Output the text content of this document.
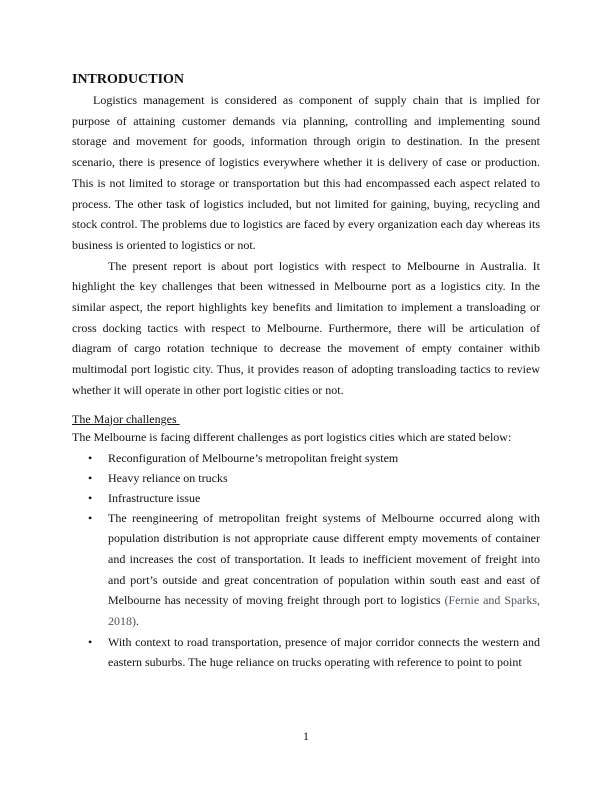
INTRODUCTION

Logistics management is considered as component of supply chain that is implied for purpose of attaining customer demands via planning, controlling and implementing sound storage and movement for goods, information through origin to destination. In the present scenario, there is presence of logistics everywhere whether it is delivery of case or production. This is not limited to storage or transportation but this had encompassed each aspect related to process. The other task of logistics included, but not limited for gaining, buying, recycling and stock control. The problems due to logistics are faced by every organization each day whereas its business is oriented to logistics or not.

The present report is about port logistics with respect to Melbourne in Australia. It highlight the key challenges that been witnessed in Melbourne port as a logistics city. In the similar aspect, the report highlights key benefits and limitation to implement a transloading or cross docking tactics with respect to Melbourne. Furthermore, there will be articulation of diagram of cargo rotation technique to decrease the movement of empty container withib multimodal port logistic city. Thus, it provides reason of adopting transloading tactics to review whether it will operate in other port logistic cities or not.

The Major challenges

The Melbourne is facing different challenges as port logistics cities which are stated below:

• Reconfiguration of Melbourne’s metropolitan freight system
• Heavy reliance on trucks
• Infrastructure issue
• The reengineering of metropolitan freight systems of Melbourne occurred along with population distribution is not appropriate cause different empty movements of container and increases the cost of transportation. It leads to inefficient movement of freight into and port’s outside and great concentration of population within south east and east of Melbourne has necessity of moving freight through port to logistics (Fernie and Sparks, 2018).
• With context to road transportation, presence of major corridor connects the western and eastern suburbs. The huge reliance on trucks operating with reference to point to point
1
